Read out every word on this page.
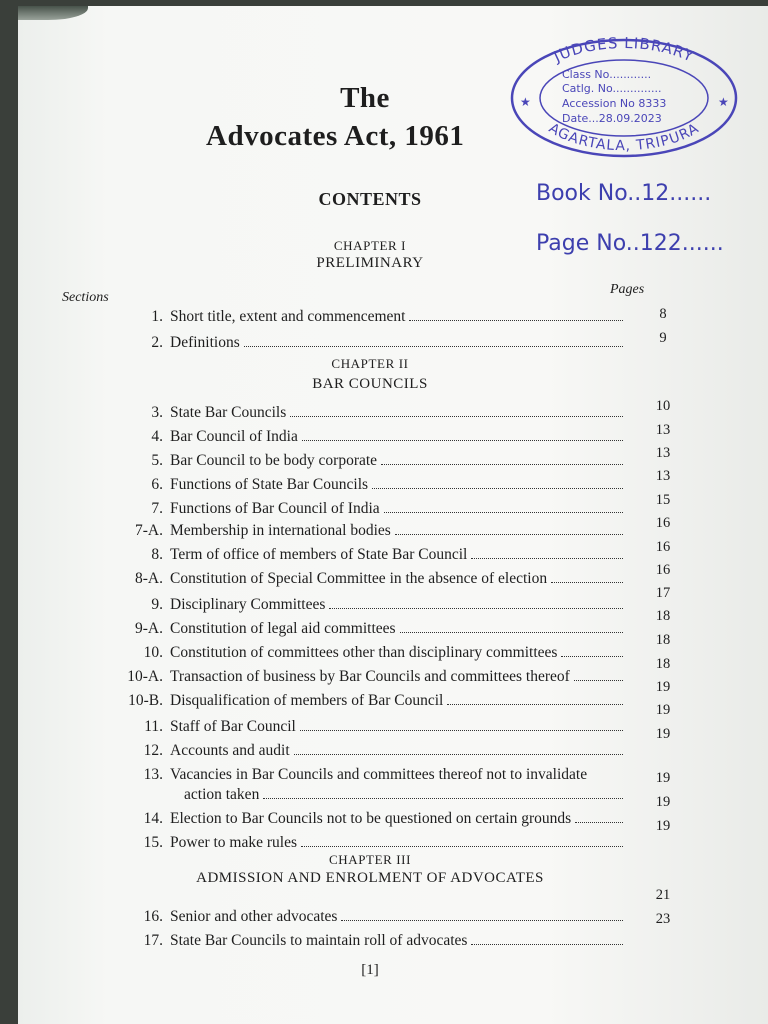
The
Advocates Act, 1961
JUDGES LIBRARY
AGARTALA, TRIPURA
★	★
Class No............
Catlg. No..............
Accession No 8333
Date...28.09.2023
CONTENTS	Book No..12......
Page No..122......
CHAPTER I
PRELIMINARY
Sections
Pages
CHAPTER II
BAR COUNCILS
CHAPTER III
ADMISSION AND ENROLMENT OF ADVOCATES
1. Short title, extent and commencement
2. Definitions
3. State Bar Councils
4. Bar Council of India
5. Bar Council to be body corporate
6. Functions of State Bar Councils
7. Functions of Bar Council of India
7-A. Membership in international bodies
8. Term of office of members of State Bar Council
8-A. Constitution of Special Committee in the absence of election
9. Disciplinary Committees
9-A. Constitution of legal aid committees
10. Constitution of committees other than disciplinary committees
10-A. Transaction of business by Bar Councils and committees thereof
10-B. Disqualification of members of Bar Council
11. Staff of Bar Council
12. Accounts and audit
13. Vacancies in Bar Councils and committees thereof not to invalidate
action taken
14. Election to Bar Councils not to be questioned on certain grounds
15. Power to make rules
16. Senior and other advocates
17. State Bar Councils to maintain roll of advocates
8
9
10
13
13
13
15
16
16
16
17
18
18
18
19
19
19
19
19
19
21
23
[1]
